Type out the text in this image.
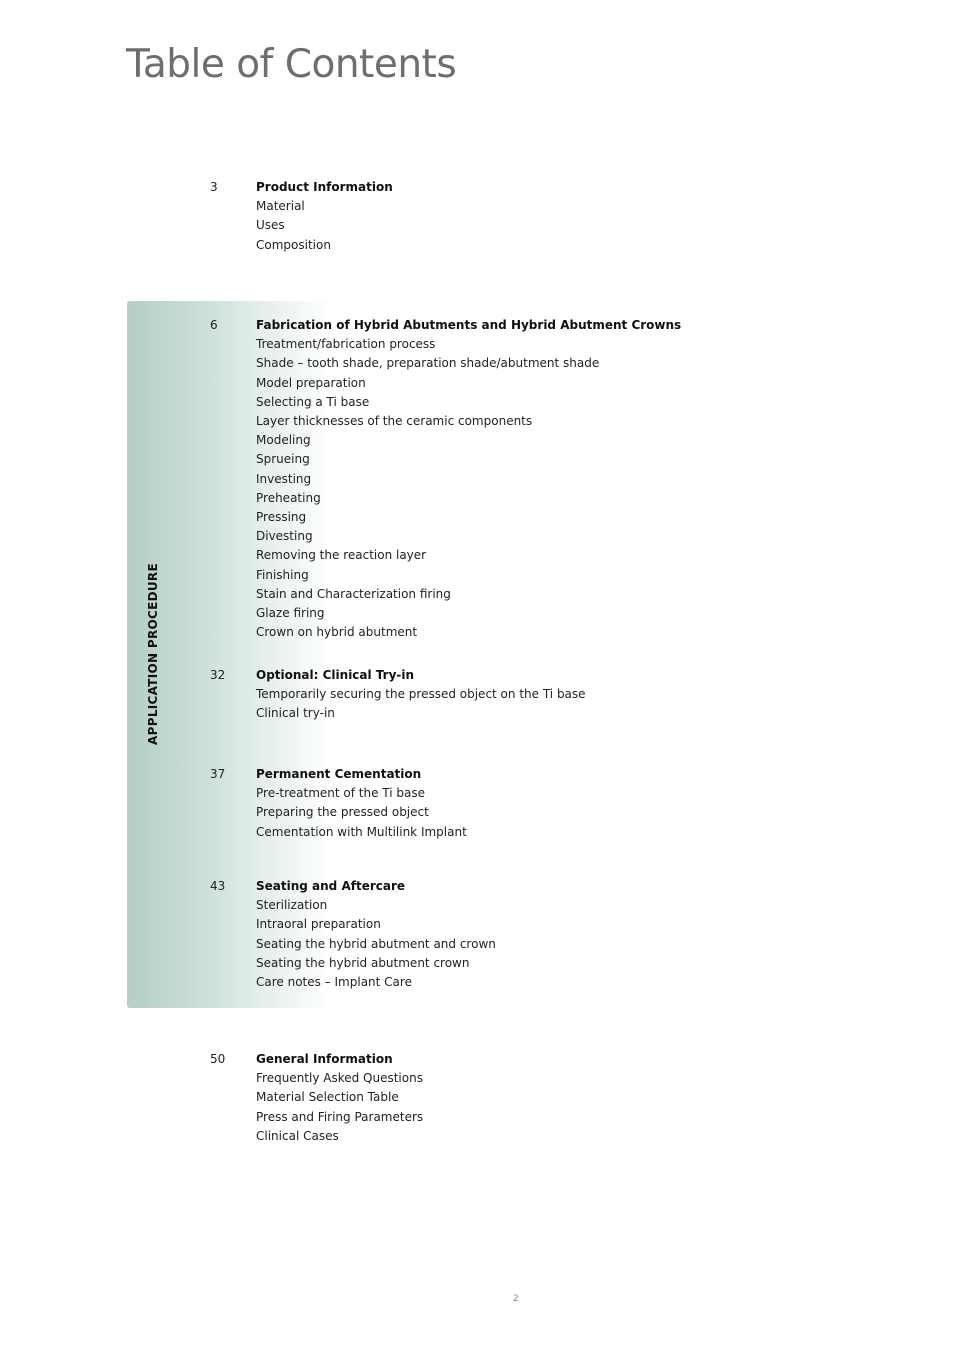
Table of Contents
APPLICATION PROCEDURE
3	Product Information
Material
Uses
Composition
6	Fabrication of Hybrid Abutments and Hybrid Abutment Crowns
Treatment/fabrication process
Shade – tooth shade, preparation shade/abutment shade
Model preparation
Selecting a Ti base
Layer thicknesses of the ceramic components
Modeling
Sprueing
Investing
Preheating
Pressing
Divesting
Removing the reaction layer
Finishing
Stain and Characterization firing
Glaze firing
Crown on hybrid abutment
32	Optional: Clinical Try-in
Temporarily securing the pressed object on the Ti base
Clinical try-in
37	Permanent Cementation
Pre-treatment of the Ti base
Preparing the pressed object
Cementation with Multilink Implant
43	Seating and Aftercare
Sterilization
Intraoral preparation
Seating the hybrid abutment and crown
Seating the hybrid abutment crown
Care notes – Implant Care
50	General Information
Frequently Asked Questions
Material Selection Table
Press and Firing Parameters
Clinical Cases
2
